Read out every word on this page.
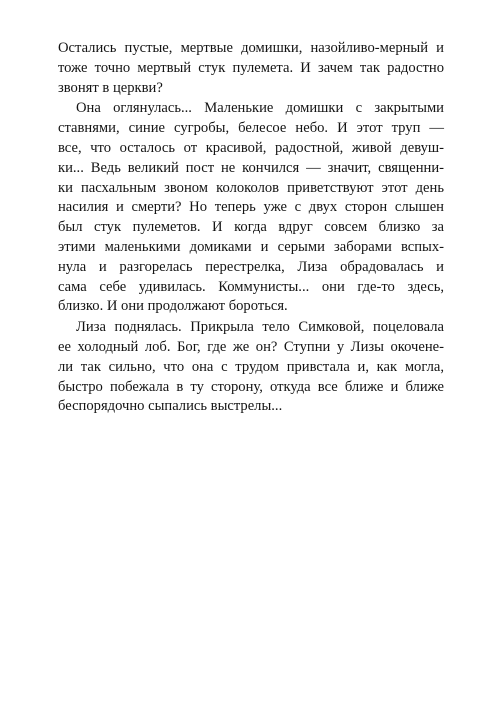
Остались пустые, мертвые домишки, назойливо-мерный и
тоже точно мертвый стук пулемета. И зачем так радостно
звонят в церкви?
Она оглянулась... Маленькие домишки с закрытыми
ставнями, синие сугробы, белесое небо. И этот труп —
все, что осталось от красивой, радостной, живой девуш-
ки... Ведь великий пост не кончился — значит, священни-
ки пасхальным звоном колоколов приветствуют этот день
насилия и смерти? Но теперь уже с двух сторон слышен
был стук пулеметов. И когда вдруг совсем близко за
этими маленькими домиками и серыми заборами вспых-
нула и разгорелась перестрелка, Лиза обрадовалась и
сама себе удивилась. Коммунисты... они где-то здесь,
близко. И они продолжают бороться.
Лиза поднялась. Прикрыла тело Симковой, поцеловала
ее холодный лоб. Бог, где же он? Ступни у Лизы окочене-
ли так сильно, что она с трудом привстала и, как могла,
быстро побежала в ту сторону, откуда все ближе и ближе
беспорядочно сыпались выстрелы...
